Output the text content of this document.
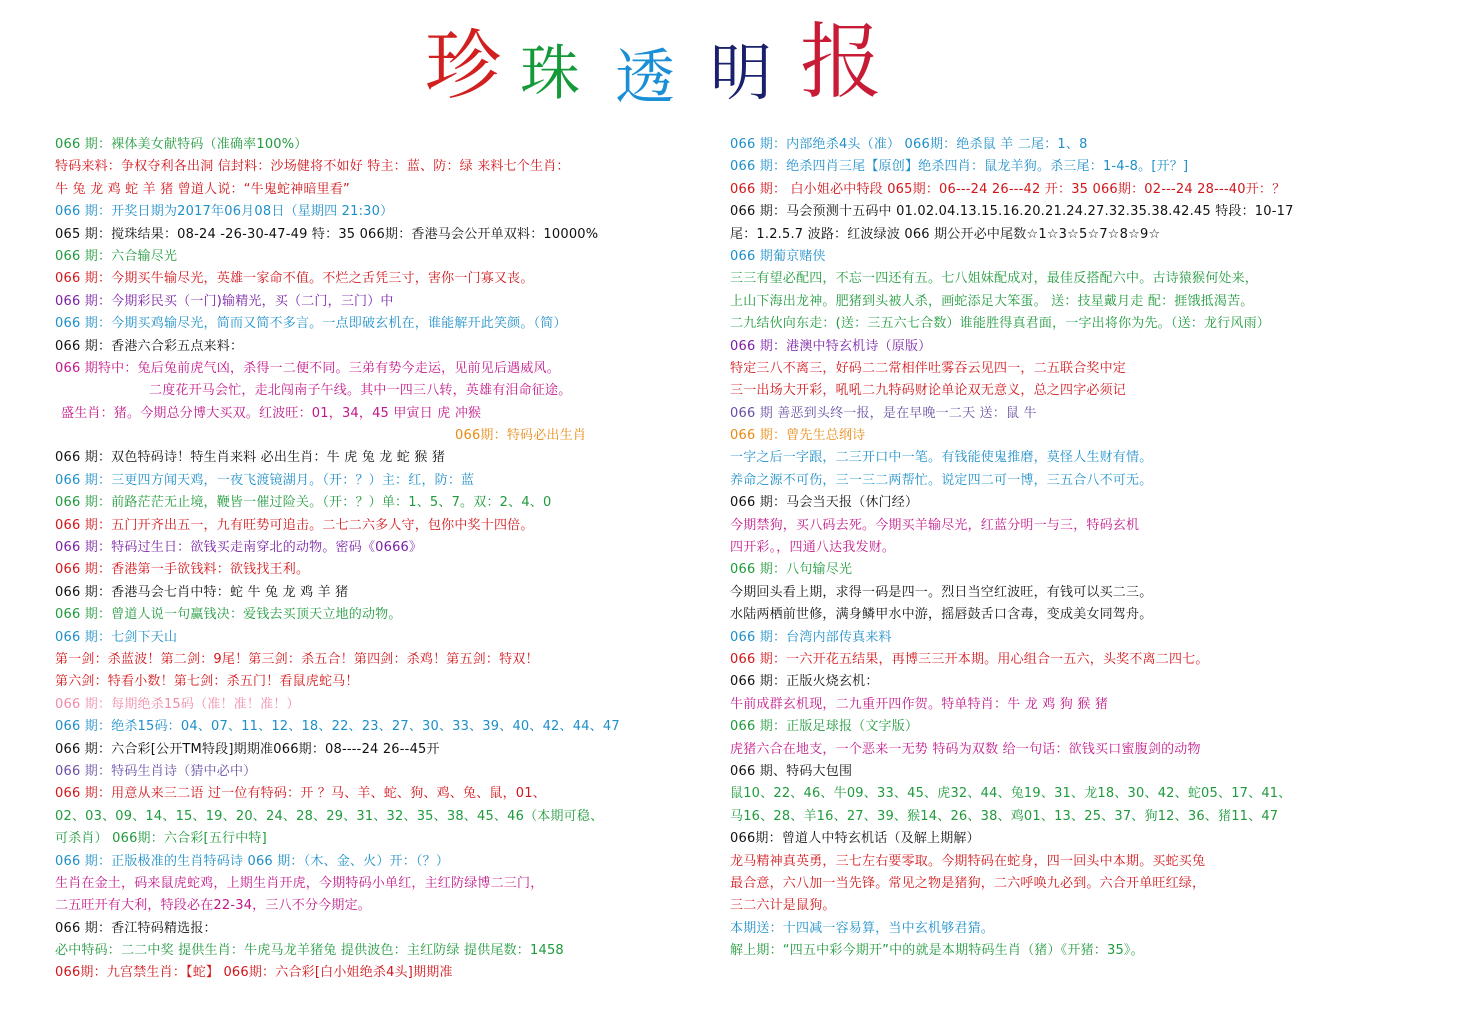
珍 珠 透 明 报
066 期：裸体美女献特码（准确率100%）
特码来料：争权夺利各出洞 信封料：沙场健将不如好 特主：蓝、防：绿 来料七个生肖：
牛 兔 龙 鸡 蛇 羊 猪 曾道人说：“牛鬼蛇神暗里看”
066 期：开奖日期为2017年06月08日（星期四 21:30）
065 期：搅珠结果：08-24 -26-30-47-49 特：35 066期：香港马会公开单双料：10000%
066 期：六合输尽光
066 期：今期买牛输尽光，英雄一家命不值。不烂之舌凭三寸，害你一门寡又丧。
066 期：今期彩民买（一门)输精光，买（二门，三门）中
066 期：今期买鸡输尽光，简而又简不多言。一点即破玄机在，谁能解开此笑颜。（简）
066 期：香港六合彩五点来料：
066 期特中：兔后兔前虎气凶，杀得一二便不同。三弟有势今走运，见前见后遇威风。
二度花开马会忙，走北闯南子午线。其中一四三八转，英雄有泪命征途。
盛生肖：猪。今期总分博大买双。红波旺：01，34，45 甲寅日 虎 冲猴
066期：特码必出生肖
066 期：双色特码诗！特生肖来料 必出生肖：牛 虎 兔 龙 蛇 猴 猪
066 期：三更四方闻天鸡，一夜飞渡镜湖月。（开：？）主：红，防：蓝
066 期：前路茫茫无止境，鞭皆一催过险关。（开：？）单：1、5、7。双：2、4、0
066 期：五门开齐出五一，九有旺势可追击。二七二六多人守，包你中奖十四倍。
066 期：特码过生日：欲钱买走南穿北的动物。密码《0666》
066 期：香港第一手欲钱料：欲钱找王利。
066 期：香港马会七肖中特：蛇 牛 兔 龙 鸡 羊 猪
066 期：曾道人说一句赢钱决：爱钱去买顶天立地的动物。
066 期：七剑下天山
第一剑：杀蓝波！第二剑：9尾！第三剑：杀五合！第四剑：杀鸡！第五剑：特双！
第六剑：特看小数！第七剑：杀五门！看鼠虎蛇马！
066 期：每期绝杀15码（准！准！准！）
066 期：绝杀15码：04、07、11、12、18、22、23、27、30、33、39、40、42、44、47
066 期：六合彩[公开TM特段]期期准066期：08----24 26--45开
066 期：特码生肖诗（猜中必中）
066 期：用意从来三二语 过一位有特码：开 ？马、羊、蛇、狗、鸡、兔、鼠，01、
02、03、09、14、15、19、20、24、28、29、31、32、35、38、45、46（本期可稳、
可杀肖） 066期：六合彩[五行中特]
066 期：正版极准的生肖特码诗 066 期：（木、金、火）开：（？）
生肖在金土，码来鼠虎蛇鸡，上期生肖开虎，今期特码小单红，主红防绿博二三门，
二五旺开有大利，特段必在22-34，三八不分今期定。
066 期：香江特码精选报：
必中特码：二二中奖 提供生肖：牛虎马龙羊猪兔 提供波色：主红防绿 提供尾数：1458
066期：九宫禁生肖：【蛇】 066期：六合彩[白小姐绝杀4头]期期准
066 期：内部绝杀4头（准） 066期：绝杀鼠 羊 二尾：1、8
066 期：绝杀四肖三尾【原创】绝杀四肖：鼠龙羊狗。杀三尾：1-4-8。[开？]
066 期： 白小姐必中特段 065期：06---24 26---42 开：35 066期：02---24 28---40开：？
066 期：马会预测十五码中 01.02.04.13.15.16.20.21.24.27.32.35.38.42.45 特段：10-17
尾：1.2.5.7 波路：红波绿波 066 期公开必中尾数☆1☆3☆5☆7☆8☆9☆
066 期葡京赌侠
三三有望必配四，不忘一四还有五。七八姐妹配成对，最佳反搭配六中。古诗猿猴何处来，
上山下海出龙神。肥猪到头被人杀，画蛇添足大笨蛋。 送：技星戴月走 配：捱饿抵渴苦。
二九结伙向东走：(送：三五六七合数）谁能胜得真君面，一字出将你为先。（送：龙行风雨）
066 期：港澳中特玄机诗（原版）
特定三八不离三，好码二二常相伴吐雾吞云见四一，二五联合奖中定
三一出场大开彩，吼吼二九特码财论单论双无意义，总之四字必须记
066 期 善恶到头终一报，是在早晚一二天 送：鼠 牛
066 期：曾先生总纲诗
一字之后一字跟，二三开口中一笔。有钱能使鬼推磨，莫怪人生财有情。
养命之源不可伤，三一三二两帮忙。说定四二可一博，三五合八不可无。
066 期：马会当天报（休门经）
今期禁狗，买八码去死。今期买羊输尽光，红蓝分明一与三，特码玄机
四开彩。，四通八达我发财。
066 期：八句输尽光
今期回头看上期，求得一码是四一。烈日当空红波旺，有钱可以买二三。
水陆两栖前世修，满身鳞甲水中游，摇唇鼓舌口含毒，变成美女同驾舟。
066 期：台湾内部传真来料
066 期：一六开花五结果，再博三三开本期。用心组合一五六，头奖不离二四七。
066 期：正版火烧玄机：
牛前成群玄机现，二九重开四作贺。特单特肖：牛 龙 鸡 狗 猴 猪
066 期：正版足球报（文字版）
虎猪六合在地支，一个恶来一无势 特码为双数 给一句话：欲钱买口蜜腹剑的动物
066 期、特码大包围
鼠10、22、46、牛09、33、45、虎32、44、兔19、31、龙18、30、42、蛇05、17、41、
马16、28、羊16、27、39、猴14、26、38、鸡01、13、25、37、狗12、36、猪11、47
066期：曾道人中特玄机话（及解上期解）
龙马精神真英勇，三七左右要零取。今期特码在蛇身，四一回头中本期。买蛇买兔
最合意，六八加一当先锋。常见之物是猪狗，二六呼唤九必到。六合开单旺红绿，
三二六计是鼠狗。
本期送：十四减一容易算，当中玄机够君猜。
解上期：“四五中彩今期开”中的就是本期特码生肖（猪）《开猪：35》。
